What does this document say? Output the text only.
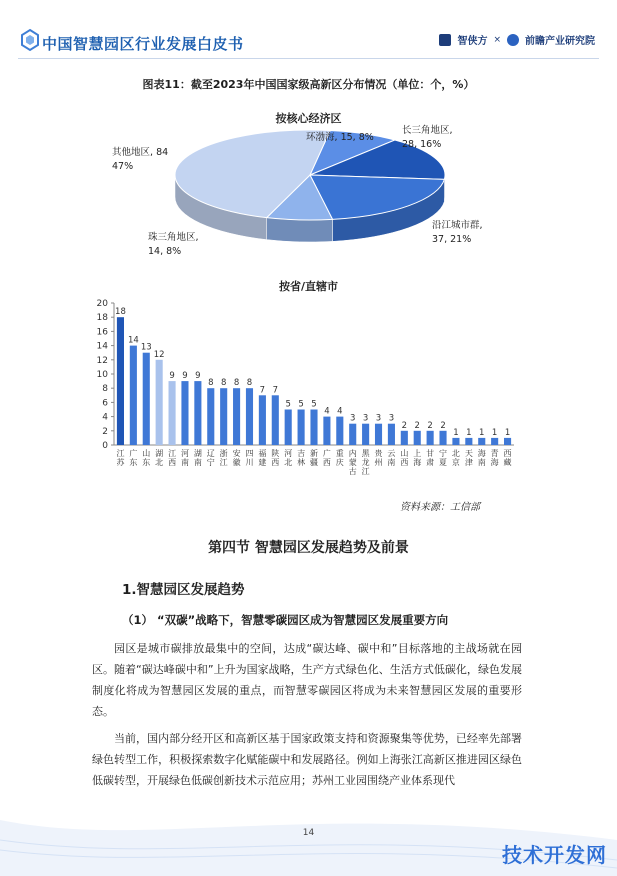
中国智慧园区行业发展白皮书	智侠方 × 前瞻产业研究院
图表11：截至2023年中国国家级高新区分布情况（单位：个，%）
按核心经济区
其他地区, 84
47%
环渤海, 15, 8%
长三角地区,
28, 16%
沿江城市群,
37, 21%
珠三角地区,
14, 8%
按省/直辖市
0
2
4
6
8
10
12
14
16
18
20
18
江苏
14
广东
13
山东
12
湖北
9
江西
9
河南
9
湖南
8
辽宁
8
浙江
8
安徽
8
四川
7
福建
7
陕西
5
河北
5
吉林
5
新疆
4
广西
4
重庆
3
内蒙古
3
黑龙江
3
贵州
3
云南
2
山西
2
上海
2
甘肃
2
宁夏
1
北京
1
天津
1
海南
1
青海
1
西藏
资料来源：工信部
第四节 智慧园区发展趋势及前景
1.智慧园区发展趋势
（1） “双碳”战略下，智慧零碳园区成为智慧园区发展重要方向
园区是城市碳排放最集中的空间，达成“碳达峰、碳中和”目标落地的主战场就在园区。随着“碳达峰碳中和”上升为国家战略，生产方式绿色化、生活方式低碳化，绿色发展制度化将成为智慧园区发展的重点，而智慧零碳园区将成为未来智慧园区发展的重要形态。
当前，国内部分经开区和高新区基于国家政策支持和资源聚集等优势，已经率先部署绿色转型工作，积极探索数字化赋能碳中和发展路径。例如上海张江高新区推进园区绿色低碳转型，开展绿色低碳创新技术示范应用；苏州工业园围绕产业体系现代
14
技术开发网
